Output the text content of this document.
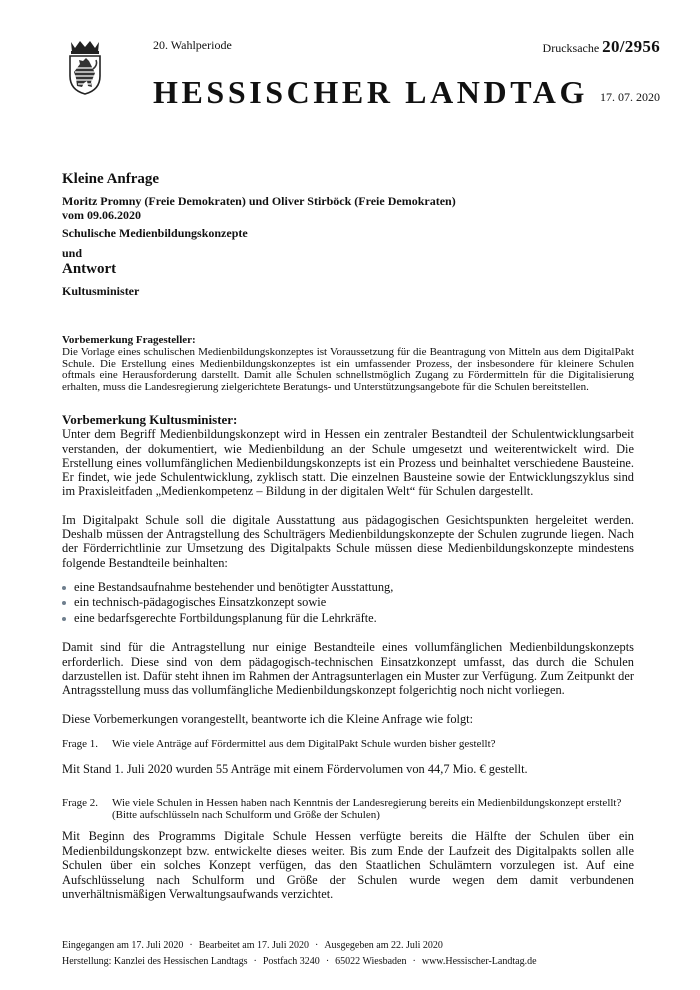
20. Wahlperiode	Drucksache 20/2956
HESSISCHER LANDTAG 17. 07. 2020
Kleine Anfrage
Moritz Promny (Freie Demokraten) und Oliver Stirböck (Freie Demokraten)
vom 09.06.2020
Schulische Medienbildungskonzepte
und
Antwort
Kultusminister
Vorbemerkung Fragesteller:
Die Vorlage eines schulischen Medienbildungskonzeptes ist Voraussetzung für die Beantragung von Mitteln aus dem DigitalPakt Schule. Die Erstellung eines Medienbildungskonzeptes ist ein umfassender Prozess, der insbesondere für kleinere Schulen oftmals eine Herausforderung darstellt. Damit alle Schulen schnellstmöglich Zugang zu Fördermitteln für die Digitalisierung erhalten, muss die Landesregierung zielgerichtete Beratungs- und Unterstützungsangebote für die Schulen bereitstellen.

Vorbemerkung Kultusminister:

Unter dem Begriff Medienbildungskonzept wird in Hessen ein zentraler Bestandteil der Schulentwicklungsarbeit verstanden, der dokumentiert, wie Medienbildung an der Schule umgesetzt und weiterentwickelt wird. Die Erstellung eines vollumfänglichen Medienbildungskonzepts ist ein Prozess und beinhaltet verschiedene Bausteine. Er findet, wie jede Schulentwicklung, zyklisch statt. Die einzelnen Bausteine sowie der Entwicklungszyklus sind im Praxisleitfaden „Medienkompetenz – Bildung in der digitalen Welt“ für Schulen dargestellt.

Im Digitalpakt Schule soll die digitale Ausstattung aus pädagogischen Gesichtspunkten hergeleitet werden. Deshalb müssen der Antragstellung des Schulträgers Medienbildungskonzepte der Schulen zugrunde liegen. Nach der Förderrichtlinie zur Umsetzung des Digitalpakts Schule müssen diese Medienbildungskonzepte mindestens folgende Bestandteile beinhalten:

eine Bestandsaufnahme bestehender und benötigter Ausstattung,
ein technisch-pädagogisches Einsatzkonzept sowie
eine bedarfsgerechte Fortbildungsplanung für die Lehrkräfte.

Damit sind für die Antragstellung nur einige Bestandteile eines vollumfänglichen Medienbildungskonzepts erforderlich. Diese sind von dem pädagogisch-technischen Einsatzkonzept umfasst, das durch die Schulen darzustellen ist. Dafür steht ihnen im Rahmen der Antragsunterlagen ein Muster zur Verfügung. Zum Zeitpunkt der Antragsstellung muss das vollumfängliche Medienbildungskonzept folgerichtig noch nicht vorliegen.

Diese Vorbemerkungen vorangestellt, beantworte ich die Kleine Anfrage wie folgt:

Frage 1.	Wie viele Anträge auf Fördermittel aus dem DigitalPakt Schule wurden bisher gestellt?
Mit Stand 1. Juli 2020 wurden 55 Anträge mit einem Fördervolumen von 44,7 Mio. € gestellt.
Frage 2.	Wie viele Schulen in Hessen haben nach Kenntnis der Landesregierung bereits ein Medienbildungskonzept erstellt? (Bitte aufschlüsseln nach Schulform und Größe der Schulen)
Mit Beginn des Programms Digitale Schule Hessen verfügte bereits die Hälfte der Schulen über ein Medienbildungskonzept bzw. entwickelte dieses weiter. Bis zum Ende der Laufzeit des Digitalpakts sollen alle Schulen über ein solches Konzept verfügen, das den Staatlichen Schulämtern vorzulegen ist. Auf eine Aufschlüsselung nach Schulform und Größe der Schulen wurde wegen dem damit verbundenen unverhältnismäßigen Verwaltungsaufwands verzichtet.
Eingegangen am 17. Juli 2020 · Bearbeitet am 17. Juli 2020 · Ausgegeben am 22. Juli 2020
Herstellung: Kanzlei des Hessischen Landtags · Postfach 3240 · 65022 Wiesbaden · www.Hessischer-Landtag.de
